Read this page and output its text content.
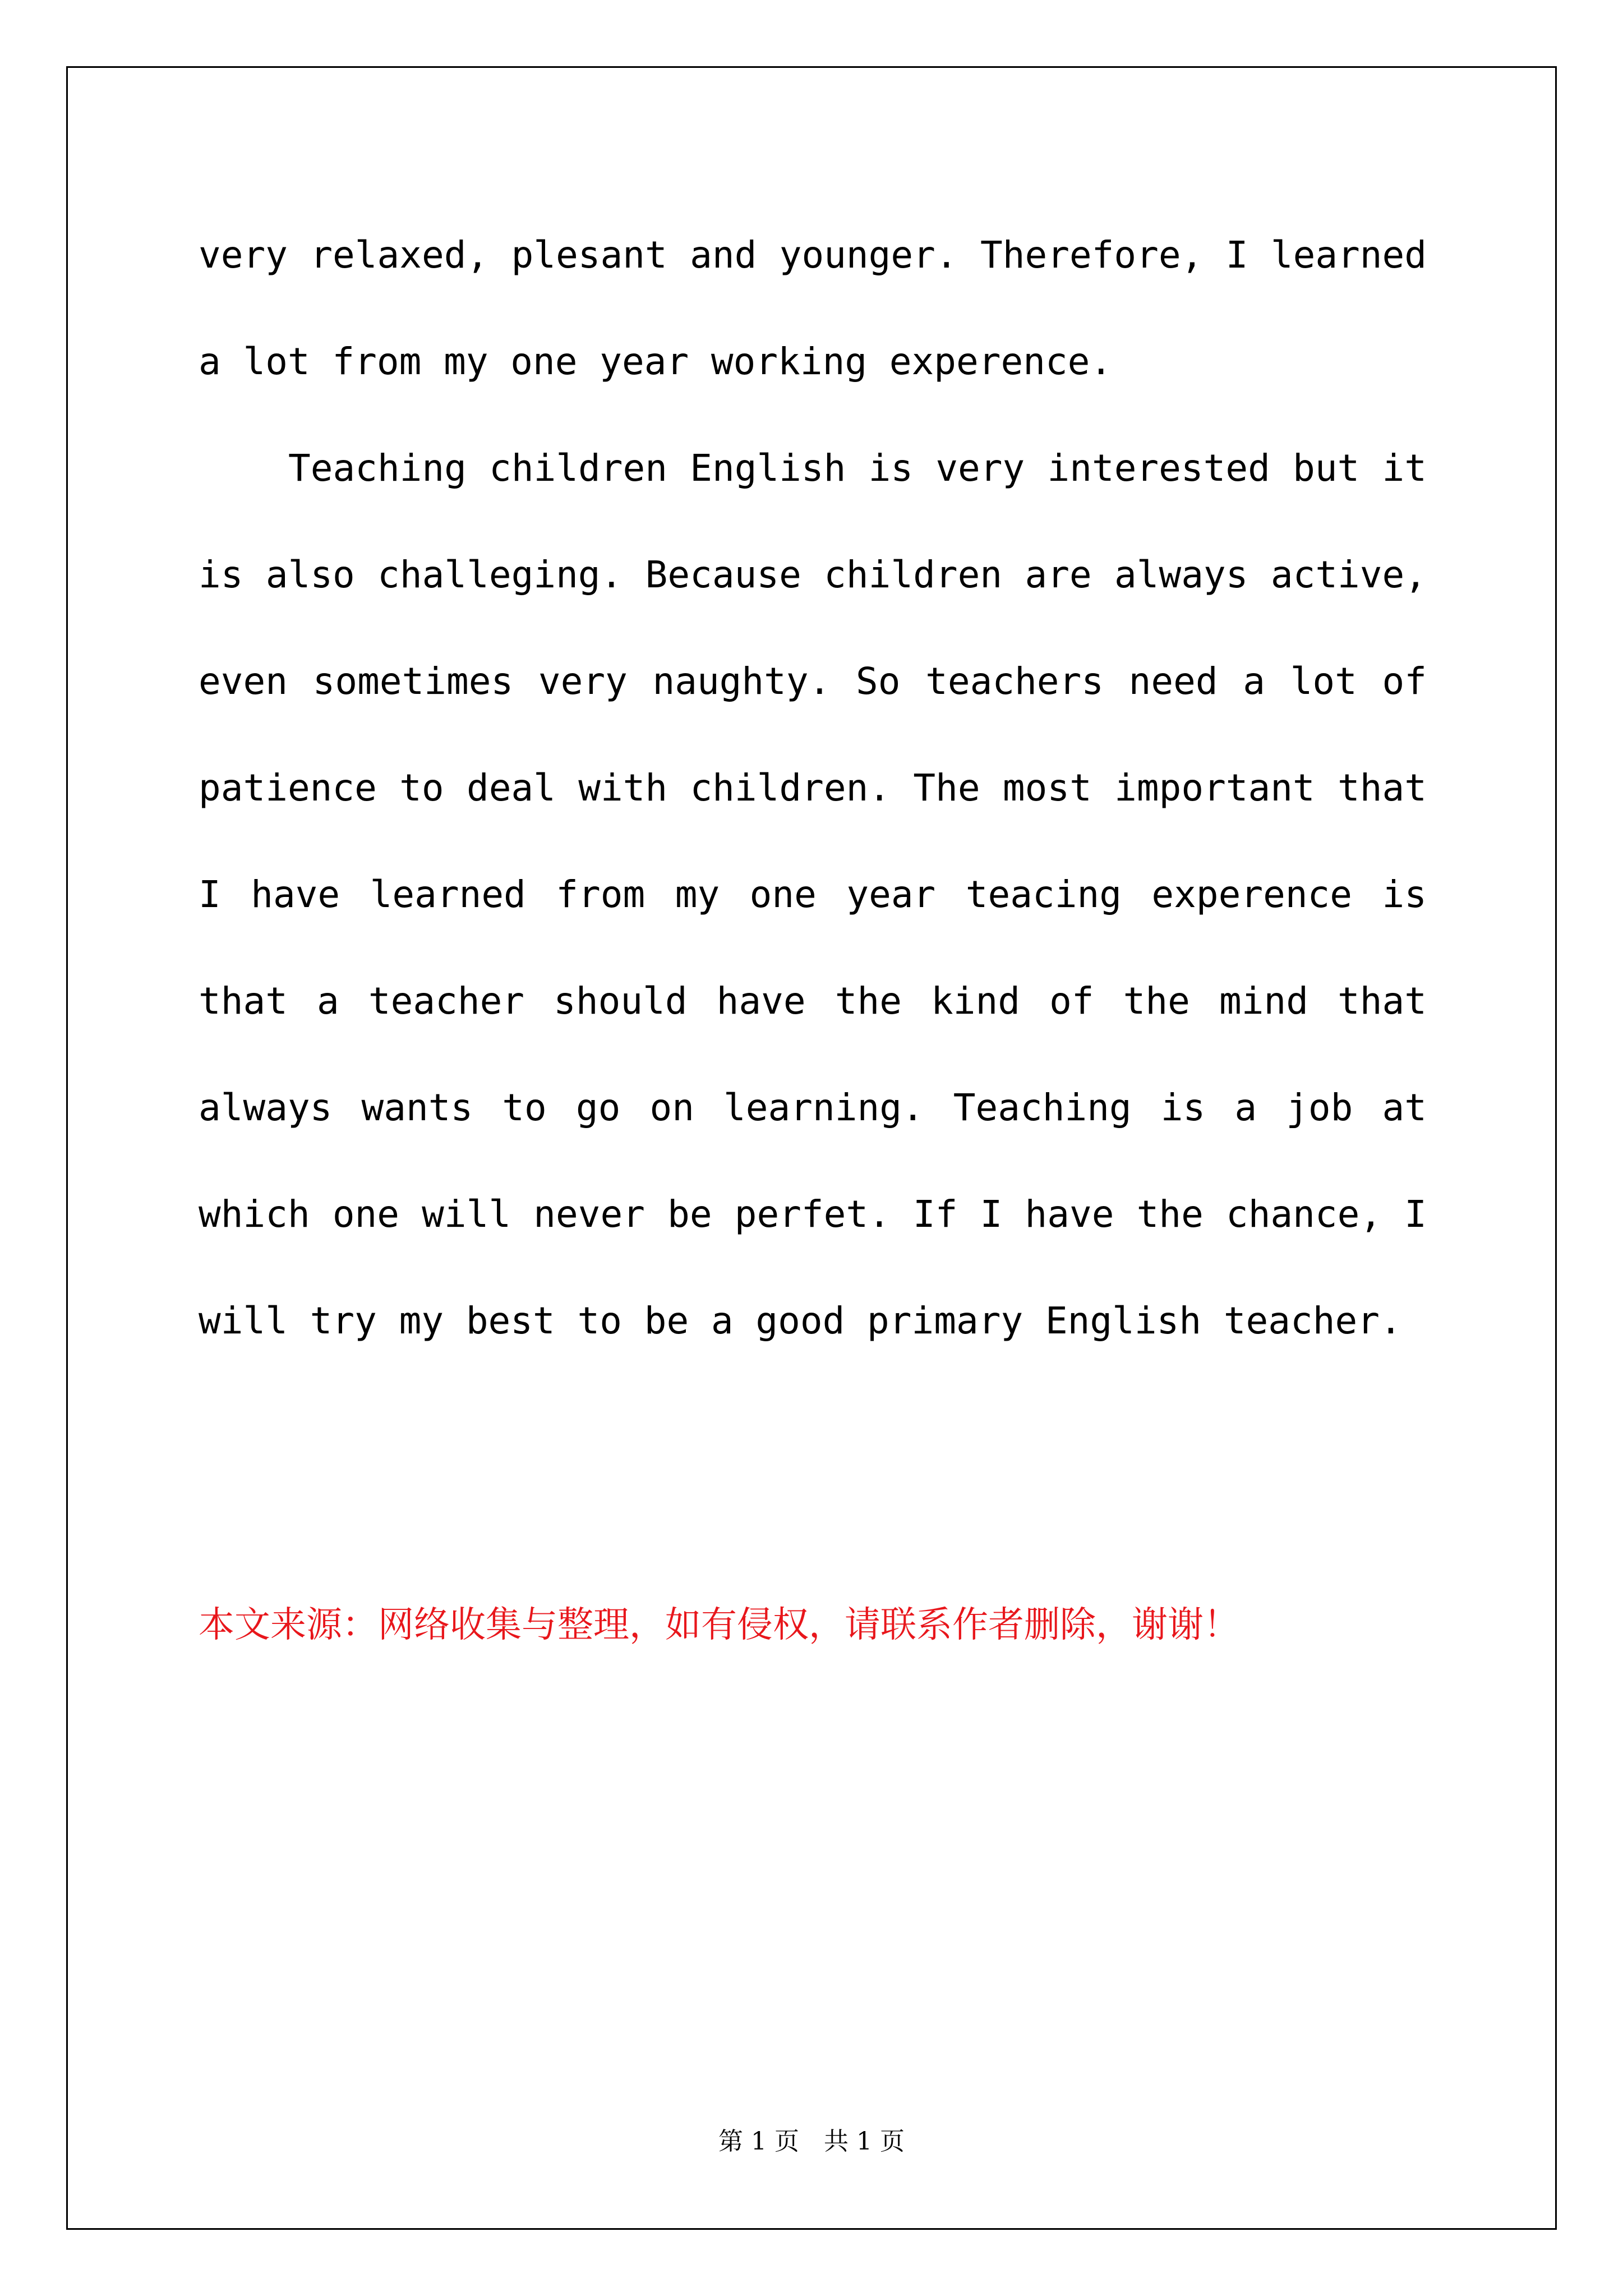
very relaxed, plesant and younger. Therefore, I learned a lot from my one year working experence.

Teaching children English is very interested but it is also challeging. Because children are always active, even sometimes very naughty. So teachers need a lot of patience to deal with children. The most important that I have learned from my one year teacing experence is that a teacher should have the kind of the mind that always wants to go on learning. Teaching is a job at which one will never be perfet. If I have the chance, I will try my best to be a good primary English teacher.

本文来源：网络收集与整理，如有侵权，请联系作者删除，谢谢！

第 1 页　共 1 页
